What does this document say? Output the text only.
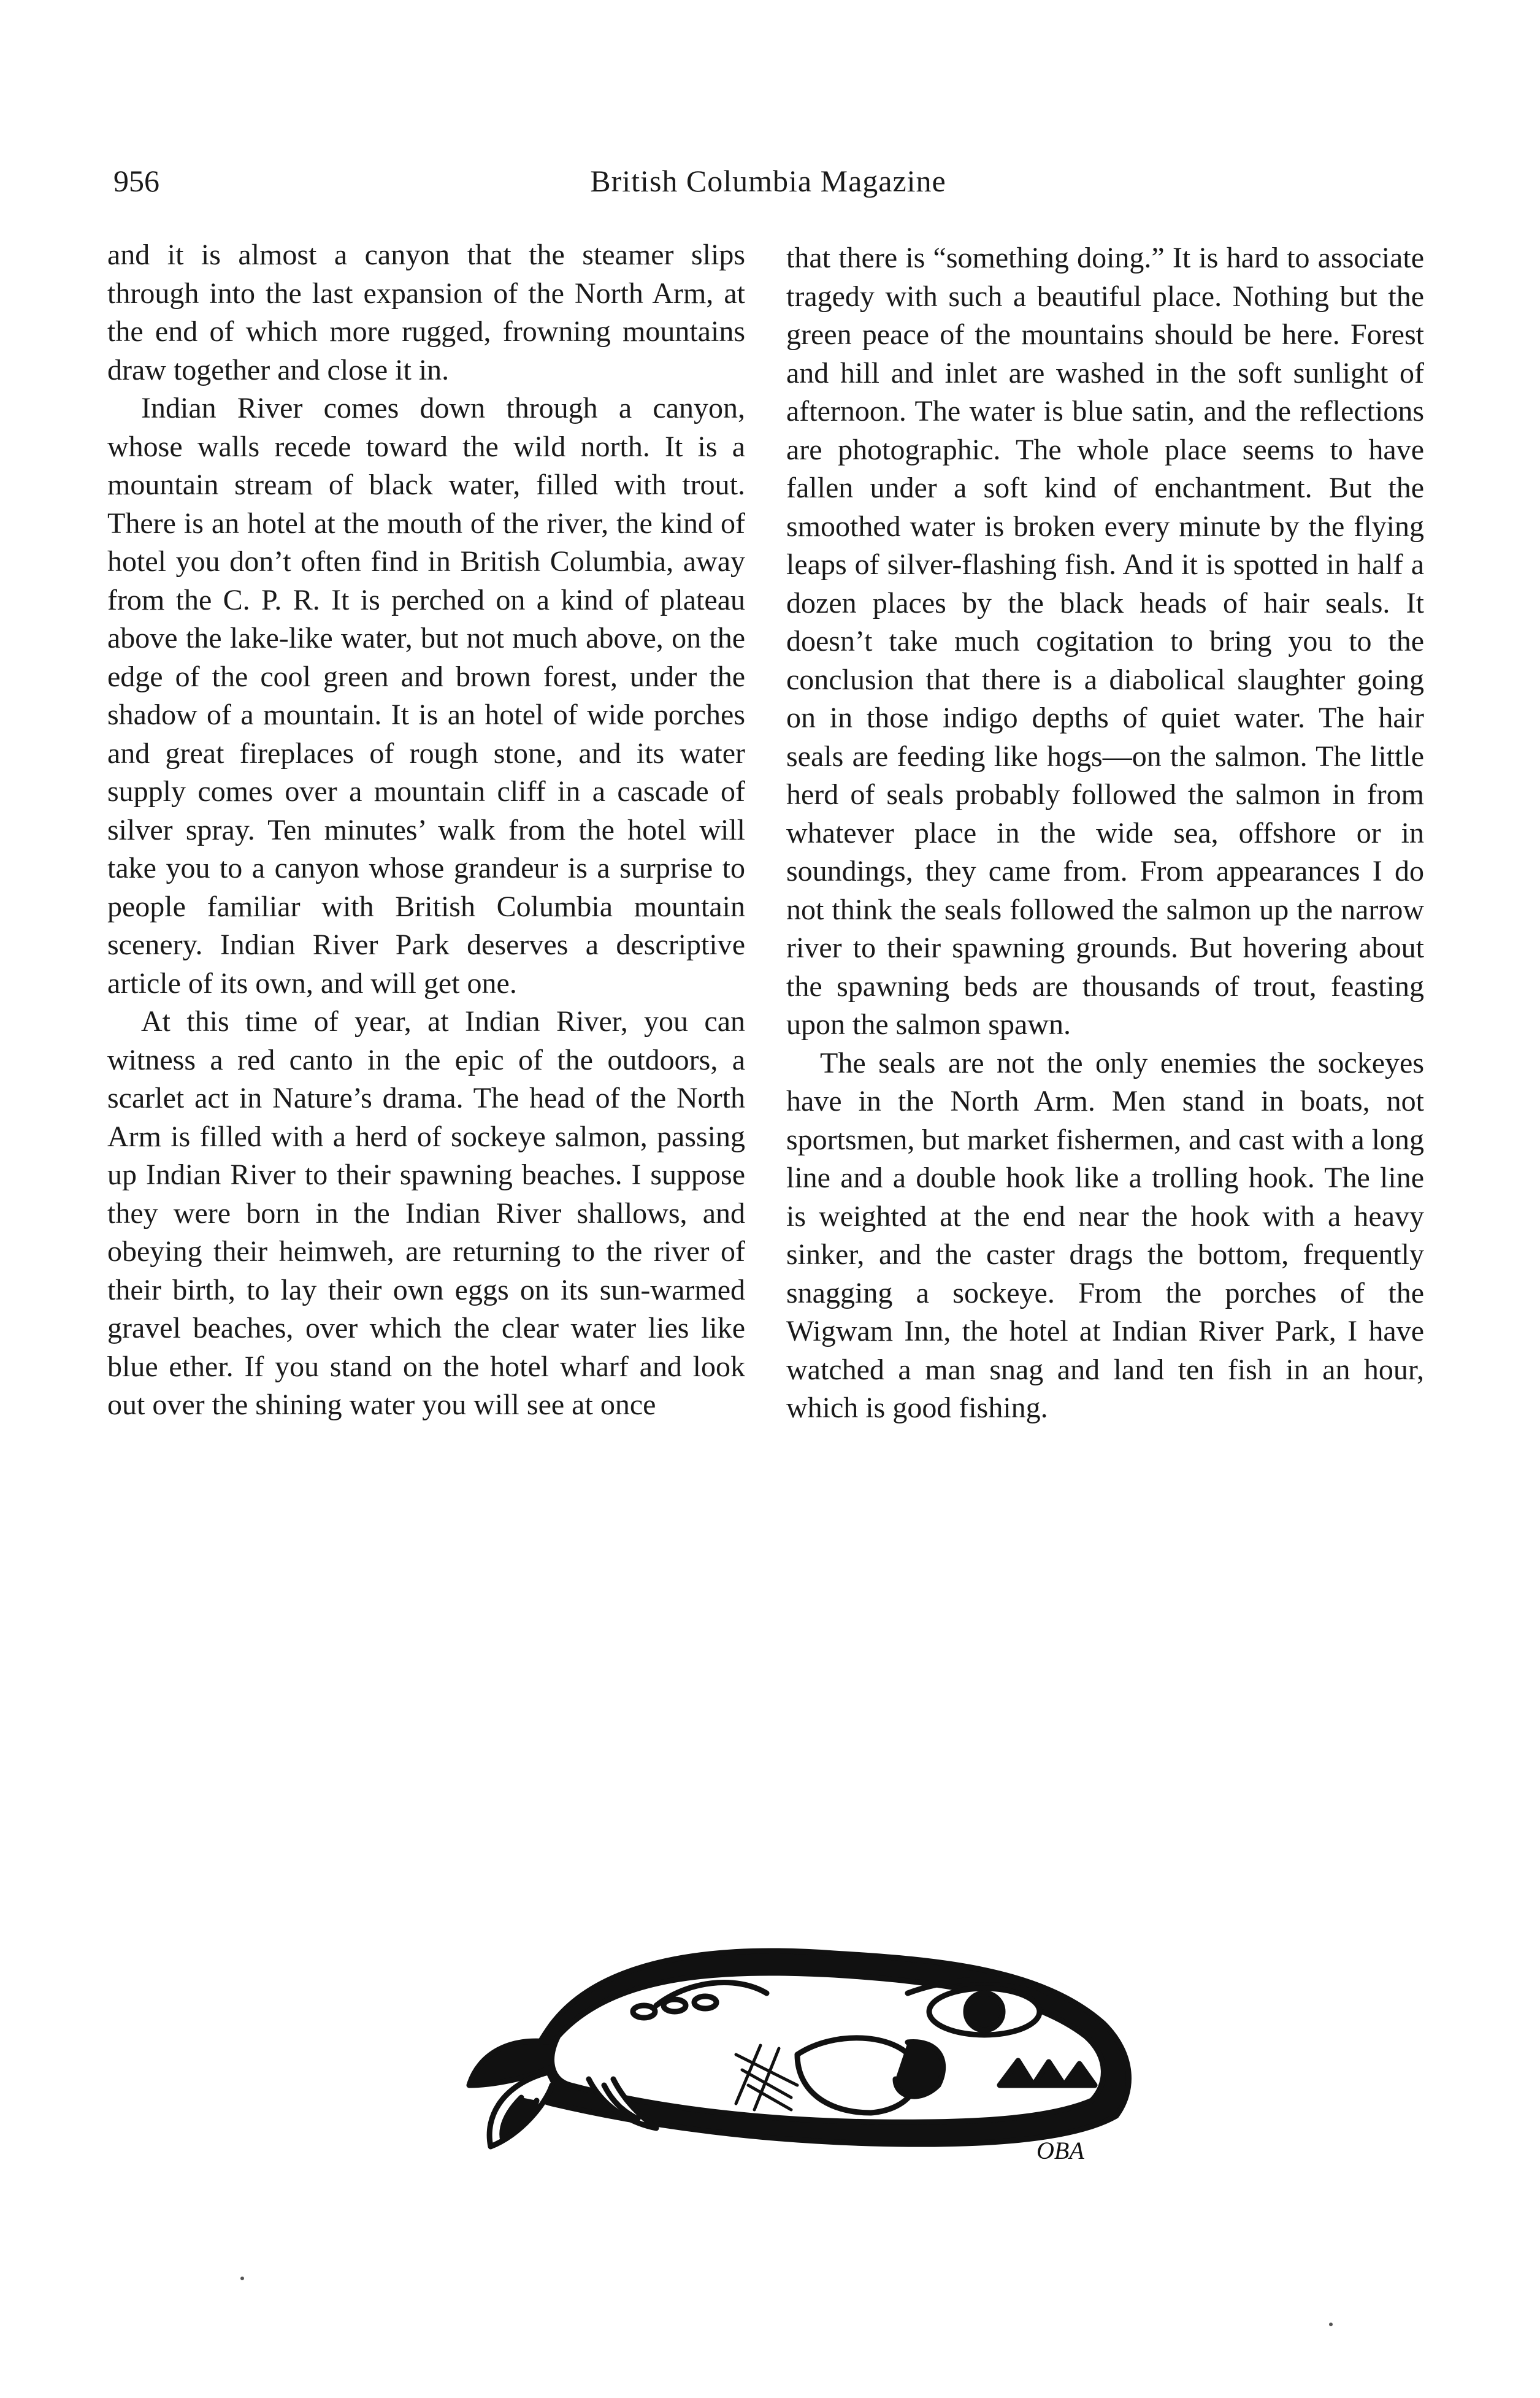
956	British Columbia Magazine

and it is almost a canyon that the steamer slips through into the last expansion of the North Arm, at the end of which more rugged, frowning mountains draw together and close it in.

Indian River comes down through a canyon, whose walls recede toward the wild north. It is a mountain stream of black water, filled with trout. There is an hotel at the mouth of the river, the kind of hotel you don’t often find in British Columbia, away from the C. P. R. It is perched on a kind of plateau above the lake-like water, but not much above, on the edge of the cool green and brown forest, under the shadow of a mountain. It is an hotel of wide porches and great fireplaces of rough stone, and its water supply comes over a mountain cliff in a cascade of silver spray. Ten minutes’ walk from the hotel will take you to a canyon whose grandeur is a surprise to people familiar with British Columbia mountain scenery. Indian River Park deserves a descriptive article of its own, and will get one.

At this time of year, at Indian River, you can witness a red canto in the epic of the outdoors, a scarlet act in Nature’s drama. The head of the North Arm is filled with a herd of sockeye salmon, passing up Indian River to their spawning beaches. I suppose they were born in the Indian River shallows, and obeying their heimweh, are returning to the river of their birth, to lay their own eggs on its sun-warmed gravel beaches, over which the clear water lies like blue ether. If you stand on the hotel wharf and look out over the shining water you will see at once

that there is “something doing.” It is hard to associate tragedy with such a beautiful place. Nothing but the green peace of the mountains should be here. Forest and hill and inlet are washed in the soft sunlight of afternoon. The water is blue satin, and the reflections are photographic. The whole place seems to have fallen under a soft kind of enchantment. But the smoothed water is broken every minute by the flying leaps of silver-flashing fish. And it is spotted in half a dozen places by the black heads of hair seals. It doesn’t take much cogitation to bring you to the conclusion that there is a diabolical slaughter going on in those indigo depths of quiet water. The hair seals are feeding like hogs—on the salmon. The little herd of seals probably followed the salmon in from whatever place in the wide sea, offshore or in soundings, they came from. From appearances I do not think the seals followed the salmon up the narrow river to their spawning grounds. But hovering about the spawning beds are thousands of trout, feasting upon the salmon spawn.

The seals are not the only enemies the sockeyes have in the North Arm. Men stand in boats, not sportsmen, but market fishermen, and cast with a long line and a double hook like a trolling hook. The line is weighted at the end near the hook with a heavy sinker, and the caster drags the bottom, frequently snagging a sockeye. From the porches of the Wigwam Inn, the hotel at Indian River Park, I have watched a man snag and land ten fish in an hour, which is good fishing.

OBA
